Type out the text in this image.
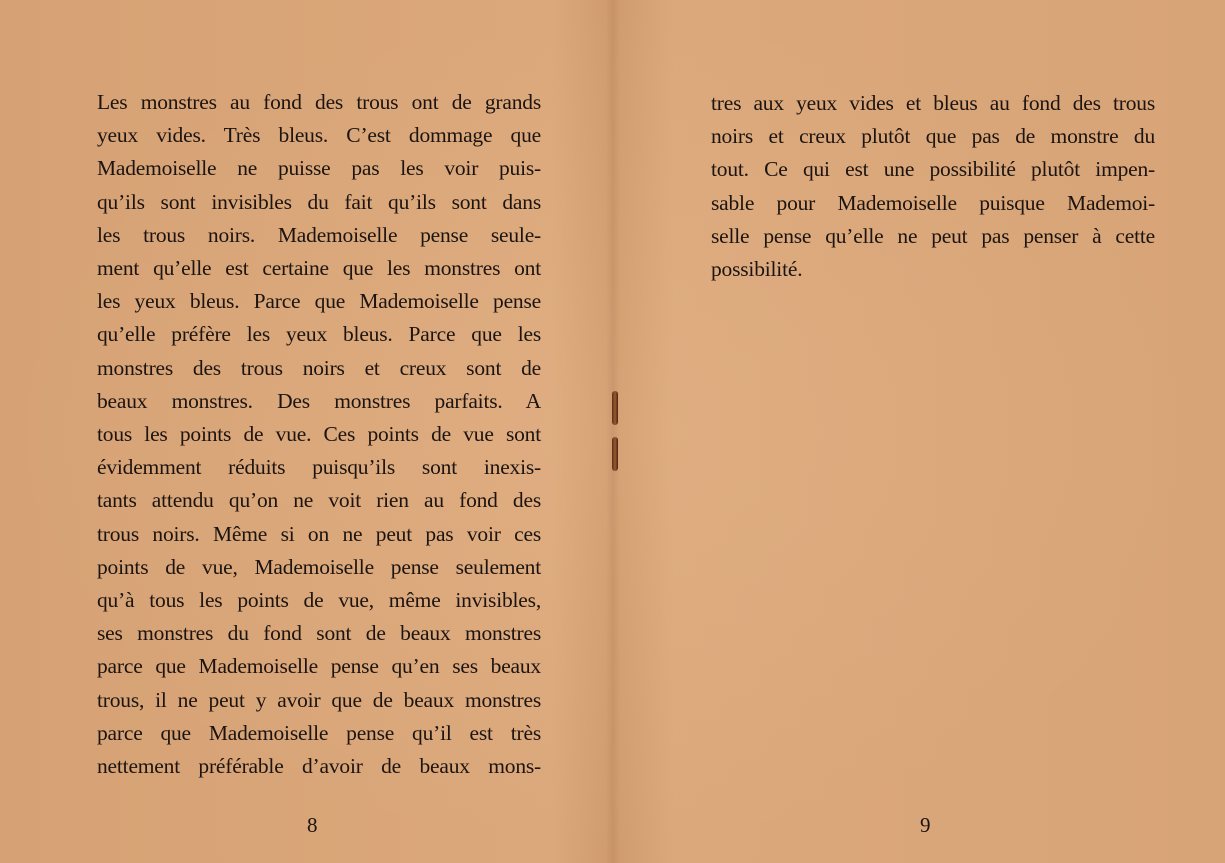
Les monstres au fond des trous ont de grands
yeux vides. Très bleus. C’est dommage que
Mademoiselle ne puisse pas les voir puis-
qu’ils sont invisibles du fait qu’ils sont dans
les trous noirs. Mademoiselle pense seule-
ment qu’elle est certaine que les monstres ont
les yeux bleus. Parce que Mademoiselle pense
qu’elle préfère les yeux bleus. Parce que les
monstres des trous noirs et creux sont de
beaux monstres. Des monstres parfaits. A
tous les points de vue. Ces points de vue sont
évidemment réduits puisqu’ils sont inexis-
tants attendu qu’on ne voit rien au fond des
trous noirs. Même si on ne peut pas voir ces
points de vue, Mademoiselle pense seulement
qu’à tous les points de vue, même invisibles,
ses monstres du fond sont de beaux monstres
parce que Mademoiselle pense qu’en ses beaux
trous, il ne peut y avoir que de beaux monstres
parce que Mademoiselle pense qu’il est très
nettement préférable d’avoir de beaux mons-
tres aux yeux vides et bleus au fond des trous
noirs et creux plutôt que pas de monstre du
tout. Ce qui est une possibilité plutôt impen-
sable pour Mademoiselle puisque Mademoi-
selle pense qu’elle ne peut pas penser à cette
possibilité.
8	9
